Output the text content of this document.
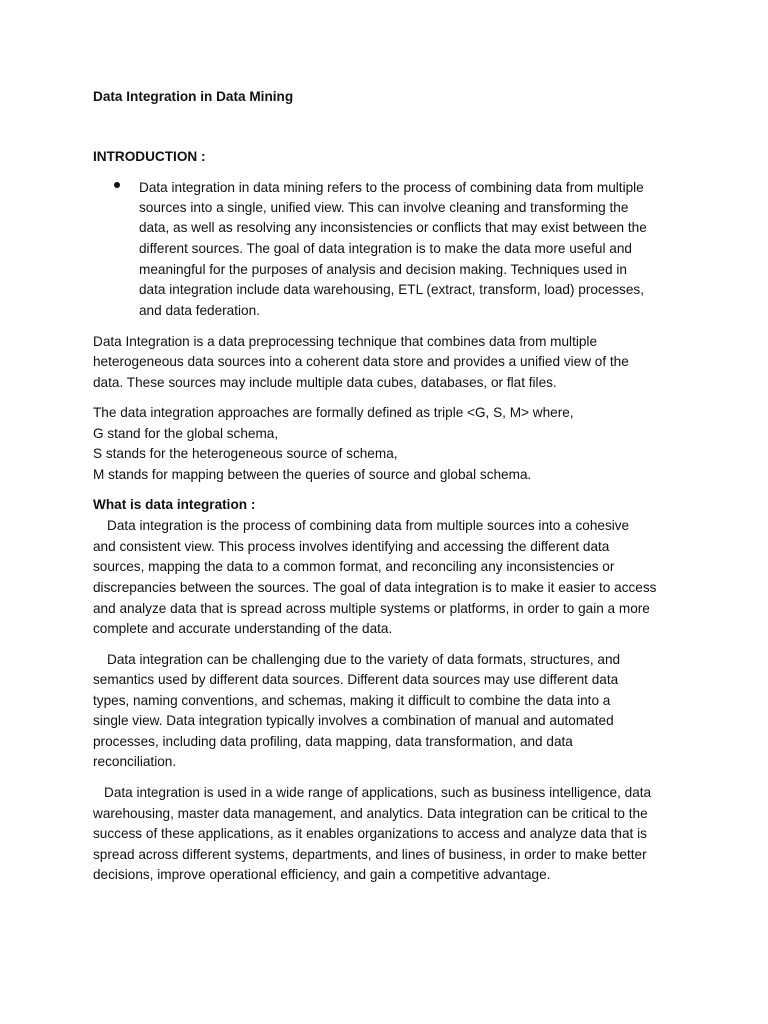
Data Integration in Data Mining

INTRODUCTION :

Data integration in data mining refers to the process of combining data from multiple

sources into a single, unified view. This can involve cleaning and transforming the

data, as well as resolving any inconsistencies or conflicts that may exist between the

different sources. The goal of data integration is to make the data more useful and

meaningful for the purposes of analysis and decision making. Techniques used in

data integration include data warehousing, ETL (extract, transform, load) processes,

and data federation.

Data Integration is a data preprocessing technique that combines data from multiple

heterogeneous data sources into a coherent data store and provides a unified view of the

data. These sources may include multiple data cubes, databases, or flat files.

The data integration approaches are formally defined as triple <G, S, M> where,

G stand for the global schema,

S stands for the heterogeneous source of schema,

M stands for mapping between the queries of source and global schema.

What is data integration :

Data integration is the process of combining data from multiple sources into a cohesive

and consistent view. This process involves identifying and accessing the different data

sources, mapping the data to a common format, and reconciling any inconsistencies or

discrepancies between the sources. The goal of data integration is to make it easier to access

and analyze data that is spread across multiple systems or platforms, in order to gain a more

complete and accurate understanding of the data.

Data integration can be challenging due to the variety of data formats, structures, and

semantics used by different data sources. Different data sources may use different data

types, naming conventions, and schemas, making it difficult to combine the data into a

single view. Data integration typically involves a combination of manual and automated

processes, including data profiling, data mapping, data transformation, and data

reconciliation.

Data integration is used in a wide range of applications, such as business intelligence, data

warehousing, master data management, and analytics. Data integration can be critical to the

success of these applications, as it enables organizations to access and analyze data that is

spread across different systems, departments, and lines of business, in order to make better

decisions, improve operational efficiency, and gain a competitive advantage.
